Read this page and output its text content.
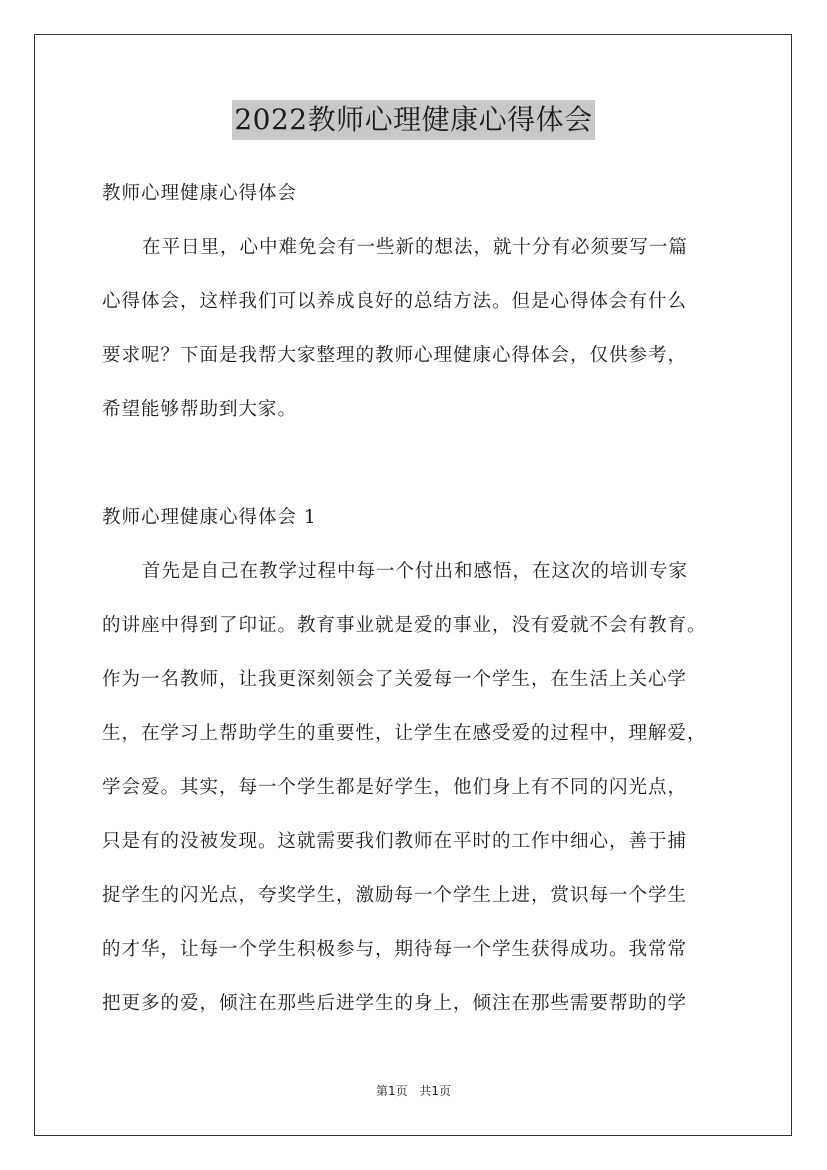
2022教师心理健康心得体会
教师心理健康心得体会
在平日里，心中难免会有一些新的想法，就十分有必须要写一篇
心得体会，这样我们可以养成良好的总结方法。但是心得体会有什么
要求呢？下面是我帮大家整理的教师心理健康心得体会，仅供参考，
希望能够帮助到大家。
教师心理健康心得体会 1
首先是自己在教学过程中每一个付出和感悟，在这次的培训专家
的讲座中得到了印证。教育事业就是爱的事业，没有爱就不会有教育。
作为一名教师，让我更深刻领会了关爱每一个学生，在生活上关心学
生，在学习上帮助学生的重要性，让学生在感受爱的过程中，理解爱，
学会爱。其实，每一个学生都是好学生，他们身上有不同的闪光点，
只是有的没被发现。这就需要我们教师在平时的工作中细心，善于捕
捉学生的闪光点，夸奖学生，激励每一个学生上进，赏识每一个学生
的才华，让每一个学生积极参与，期待每一个学生获得成功。我常常
把更多的爱，倾注在那些后进学生的身上，倾注在那些需要帮助的学
第1页 共1页
